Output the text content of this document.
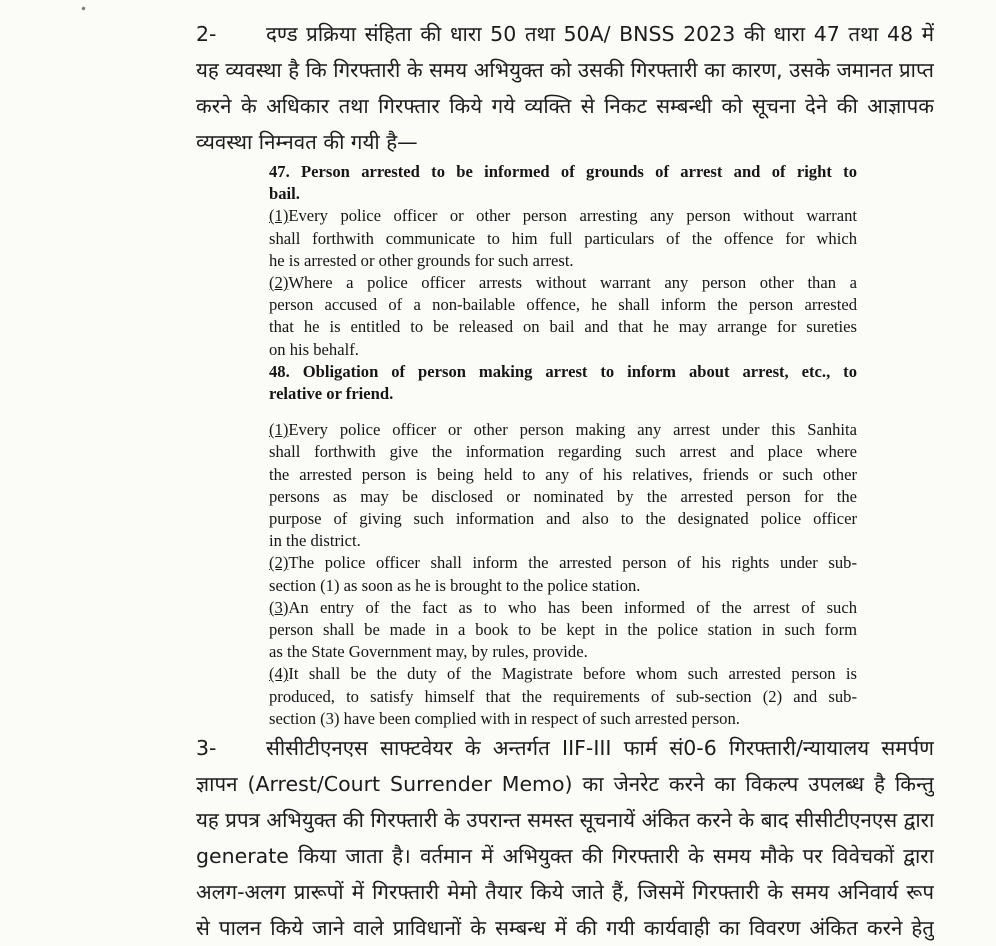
2- दण्ड प्रक्रिया संहिता की धारा 50 तथा 50A/ BNSS 2023 की धारा 47 तथा 48 में
यह व्यवस्था है कि गिरफ्तारी के समय अभियुक्त को उसकी गिरफ्तारी का कारण, उसके जमानत प्राप्त
करने के अधिकार तथा गिरफ्तार किये गये व्यक्ति से निकट सम्बन्धी को सूचना देने की आज्ञापक
व्यवस्था निम्नवत की गयी है—
47. Person arrested to be informed of grounds of arrest and of right to
bail.
(1)Every police officer or other person arresting any person without warrant
shall forthwith communicate to him full particulars of the offence for which
he is arrested or other grounds for such arrest.
(2)Where a police officer arrests without warrant any person other than a
person accused of a non-bailable offence, he shall inform the person arrested
that he is entitled to be released on bail and that he may arrange for sureties
on his behalf.
48. Obligation of person making arrest to inform about arrest, etc., to
relative or friend.
(1)Every police officer or other person making any arrest under this Sanhita
shall forthwith give the information regarding such arrest and place where
the arrested person is being held to any of his relatives, friends or such other
persons as may be disclosed or nominated by the arrested person for the
purpose of giving such information and also to the designated police officer
in the district.
(2)The police officer shall inform the arrested person of his rights under sub-
section (1) as soon as he is brought to the police station.
(3)An entry of the fact as to who has been informed of the arrest of such
person shall be made in a book to be kept in the police station in such form
as the State Government may, by rules, provide.
(4)It shall be the duty of the Magistrate before whom such arrested person is
produced, to satisfy himself that the requirements of sub-section (2) and sub-
section (3) have been complied with in respect of such arrested person.
3- सीसीटीएनएस साफ्टवेयर के अन्तर्गत IIF-III फार्म सं0-6 गिरफ्तारी/न्यायालय समर्पण
ज्ञापन (Arrest/Court Surrender Memo) का जेनरेट करने का विकल्प उपलब्ध है किन्तु
यह प्रपत्र अभियुक्त की गिरफ्तारी के उपरान्त समस्त सूचनायें अंकित करने के बाद सीसीटीएनएस द्वारा
generate किया जाता है। वर्तमान में अभियुक्त की गिरफ्तारी के समय मौके पर विवेचकों द्वारा
अलग-अलग प्रारूपों में गिरफ्तारी मेमो तैयार किये जाते हैं, जिसमें गिरफ्तारी के समय अनिवार्य रूप
से पालन किये जाने वाले प्राविधानों के सम्बन्ध में की गयी कार्यवाही का विवरण अंकित करने हेतु
